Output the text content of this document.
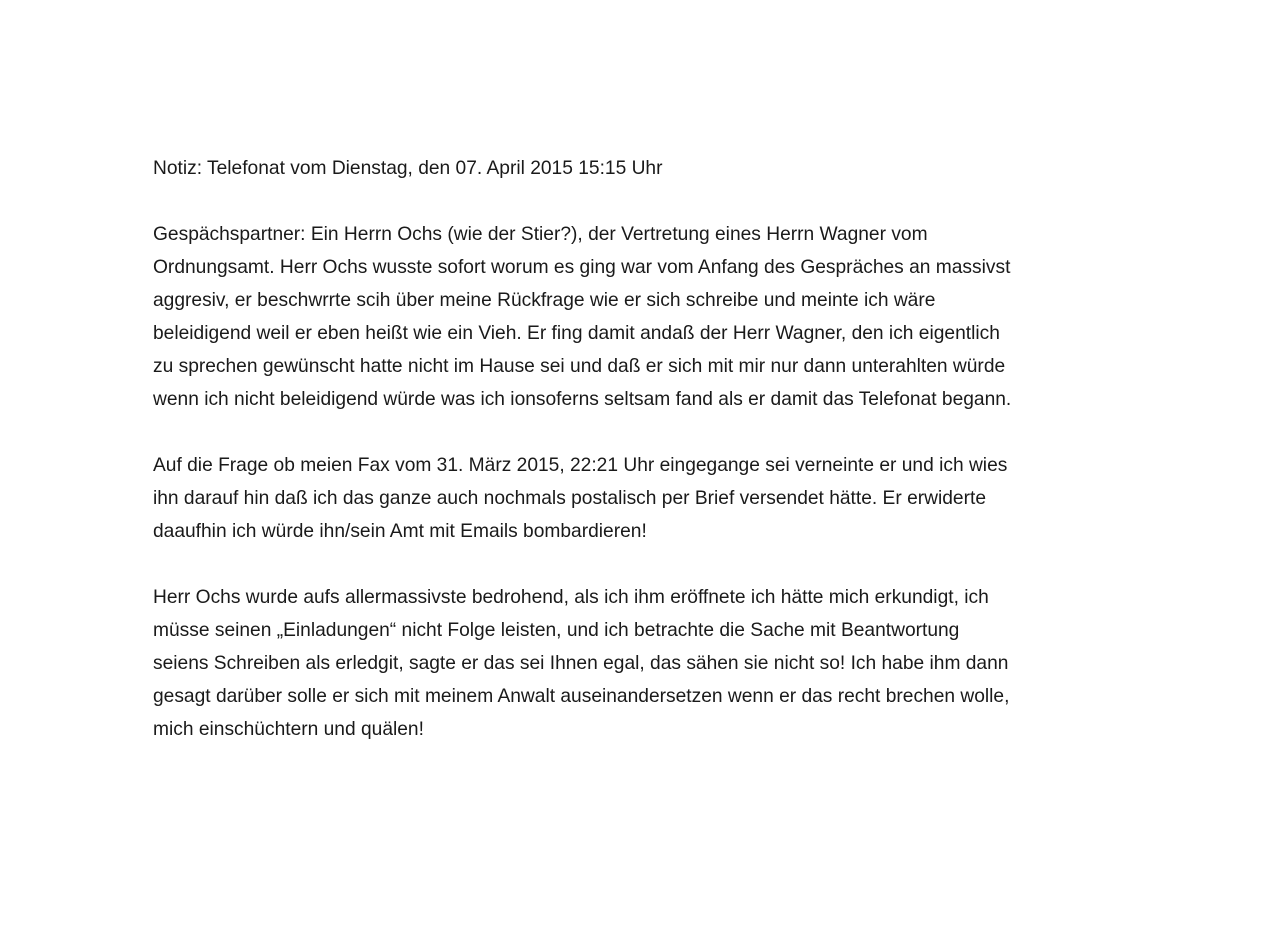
Notiz: Telefonat vom Dienstag, den 07. April 2015 15:15 Uhr
Gespächspartner: Ein Herrn Ochs (wie der Stier?), der Vertretung eines Herrn Wagner vom
Ordnungsamt. Herr Ochs wusste sofort worum es ging war vom Anfang des Gespräches an massivst
aggresiv, er beschwrrte scih über meine Rückfrage wie er sich schreibe und meinte ich wäre
beleidigend weil er eben heißt wie ein Vieh. Er fing damit andaß der Herr Wagner, den ich eigentlich
zu sprechen gewünscht hatte nicht im Hause sei und daß er sich mit mir nur dann unterahlten würde
wenn ich nicht beleidigend würde was ich ionsoferns seltsam fand als er damit das Telefonat begann.
Auf die Frage ob meien Fax vom 31. März 2015, 22:21 Uhr eingegange sei verneinte er und ich wies
ihn darauf hin daß ich das ganze auch nochmals postalisch per Brief versendet hätte. Er erwiderte
daaufhin ich würde ihn/sein Amt mit Emails bombardieren!
Herr Ochs wurde aufs allermassivste bedrohend, als ich ihm eröffnete ich hätte mich erkundigt, ich
müsse seinen „Einladungen“ nicht Folge leisten, und ich betrachte die Sache mit Beantwortung
seiens Schreiben als erledgit, sagte er das sei Ihnen egal, das sähen sie nicht so! Ich habe ihm dann
gesagt darüber solle er sich mit meinem Anwalt auseinandersetzen wenn er das recht brechen wolle,
mich einschüchtern und quälen!
